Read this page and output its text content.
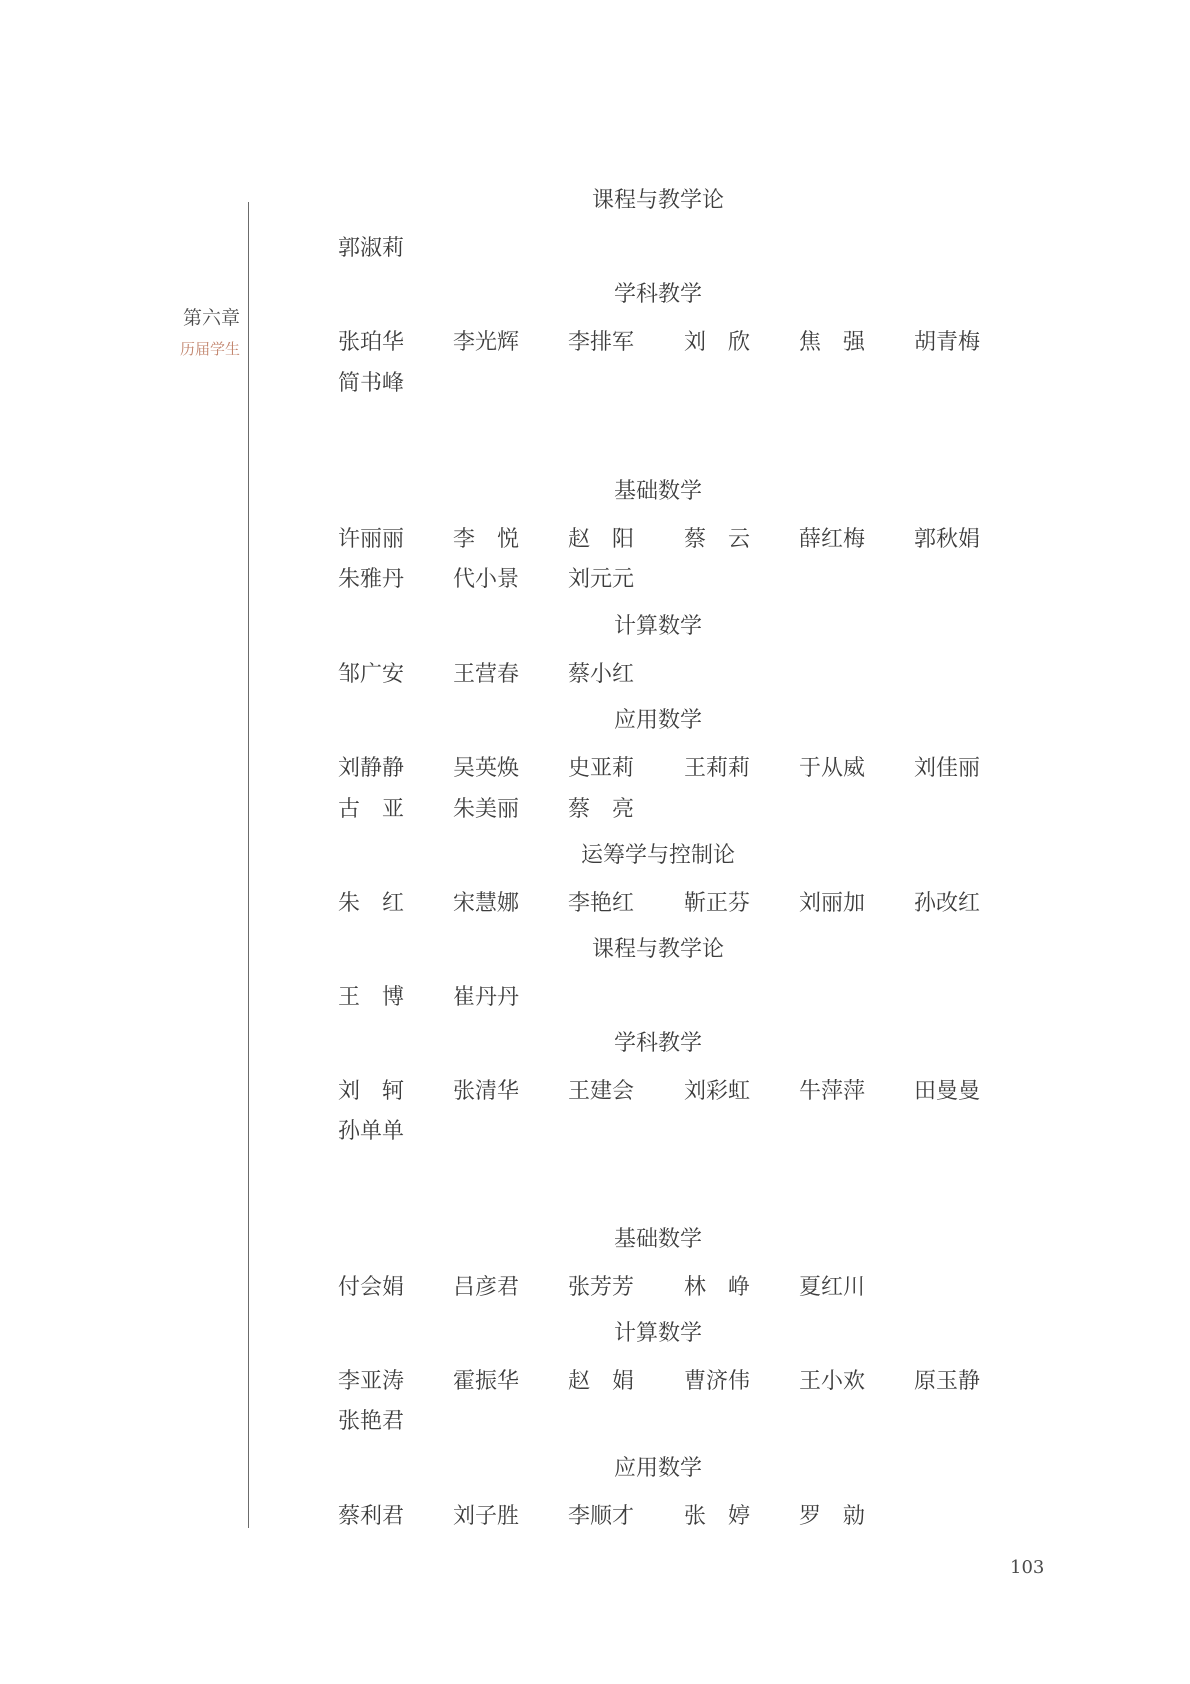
第六章
历届学生
课程与教学论
郭淑莉
学科教学
张珀华 李光辉 李排军 刘　欣 焦　强 胡青梅
简书峰
基础数学
许丽丽 李　悦 赵　阳 蔡　云 薛红梅 郭秋娟
朱雅丹 代小景 刘元元
计算数学
邹广安 王营春 蔡小红
应用数学
刘静静 吴英焕 史亚莉 王莉莉 于从威 刘佳丽
古　亚 朱美丽 蔡　亮
运筹学与控制论
朱　红 宋慧娜 李艳红 靳正芬 刘丽加 孙改红
课程与教学论
王　博 崔丹丹
学科教学
刘　轲 张清华 王建会 刘彩虹 牛萍萍 田曼曼
孙单单
基础数学
付会娟 吕彦君 张芳芳 林　峥 夏红川
计算数学
李亚涛 霍振华 赵　娟 曹济伟 王小欢 原玉静
张艳君
应用数学
蔡利君 刘子胜 李顺才 张　婷 罗　勍
103
